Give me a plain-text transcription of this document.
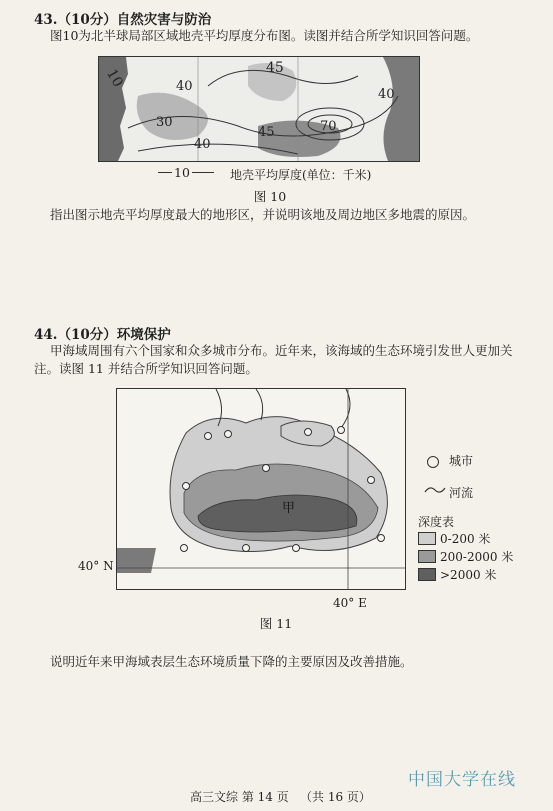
43.（10分）自然灾害与防治
图10为北半球局部区域地壳平均厚度分布图。读图并结合所学知识回答问题。
10	40
45
40
30	70
45
40
10	地壳平均厚度(单位：千米)
图 10
指出图示地壳平均厚度最大的地形区，并说明该地及周边地区多地震的原因。
44.（10分）环境保护
甲海域周围有六个国家和众多城市分布。近年来，该海域的生态环境引发世人更加关
注。读图 11 并结合所学知识回答问题。
甲
40° N
40° E
城市
河流
深度表
0-200 米
200-2000 米
>2000 米
图 11
说明近年来甲海域表层生态环境质量下降的主要原因及改善措施。
高三文综 第 14 页 （共 16 页）
中国大学在线
